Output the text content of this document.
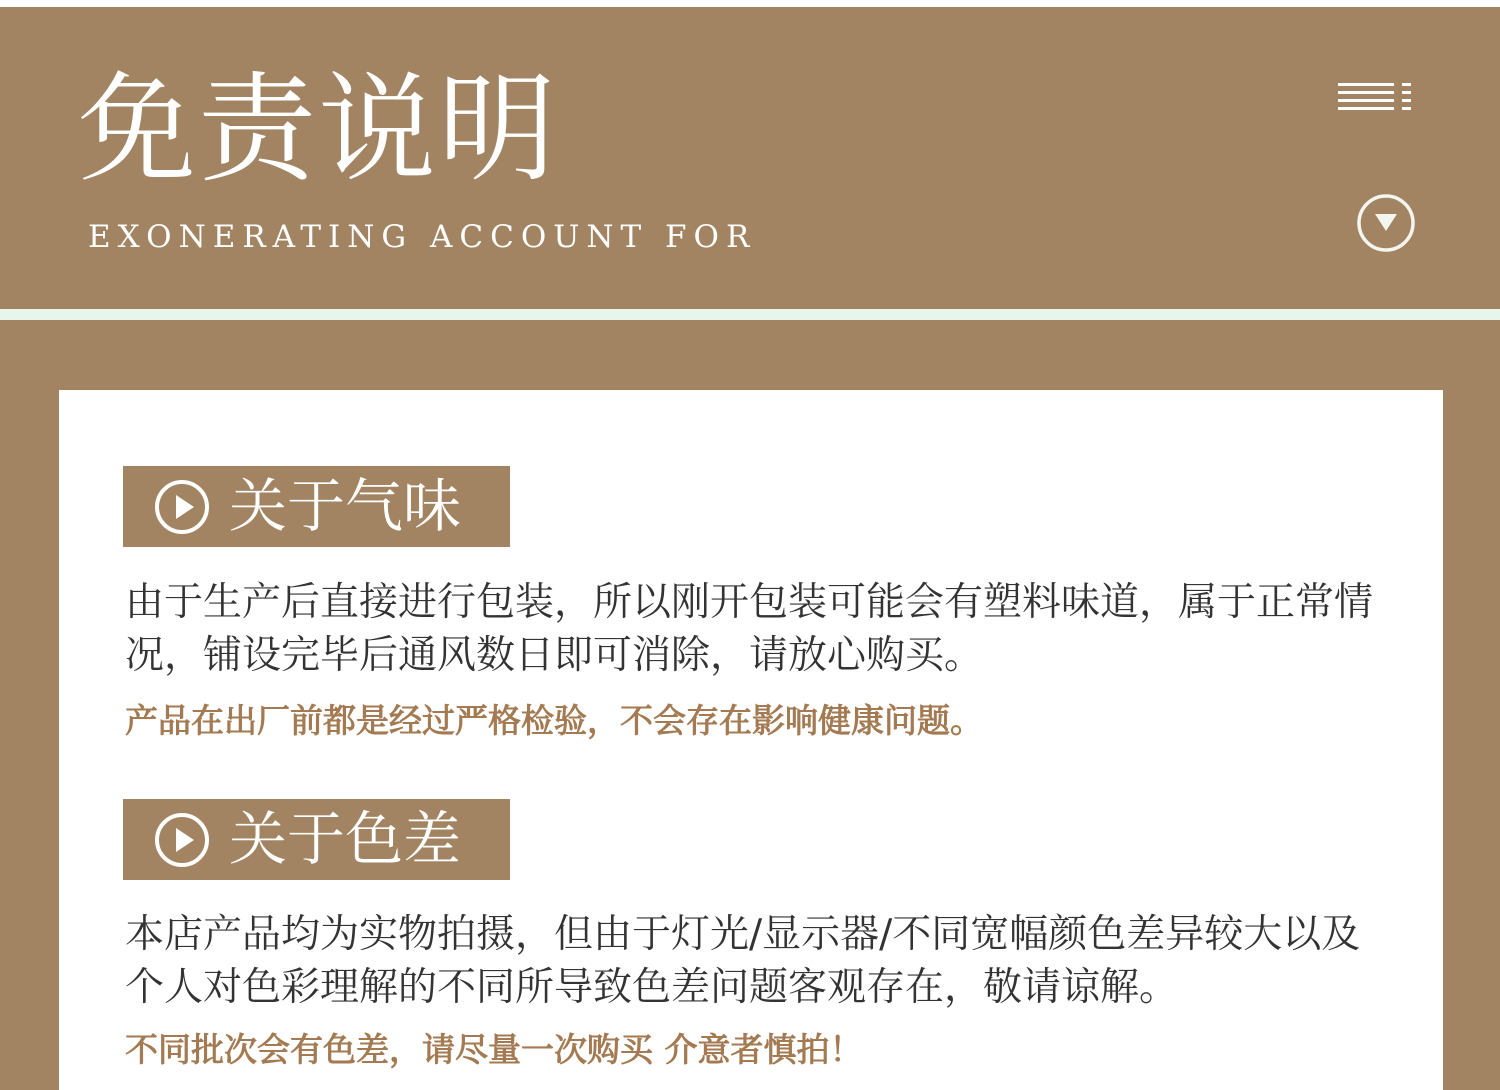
免责说明
EXONERATING ACCOUNT FOR
关于气味

由于生产后直接进行包装，所以刚开包装可能会有塑料味道，属于正常情况，铺设完毕后通风数日即可消除，请放心购买。

产品在出厂前都是经过严格检验，不会存在影响健康问题。

关于色差

本店产品均为实物拍摄，但由于灯光/显示器/不同宽幅颜色差异较大以及个人对色彩理解的不同所导致色差问题客观存在，敬请谅解。

不同批次会有色差，请尽量一次购买 介意者慎拍！
